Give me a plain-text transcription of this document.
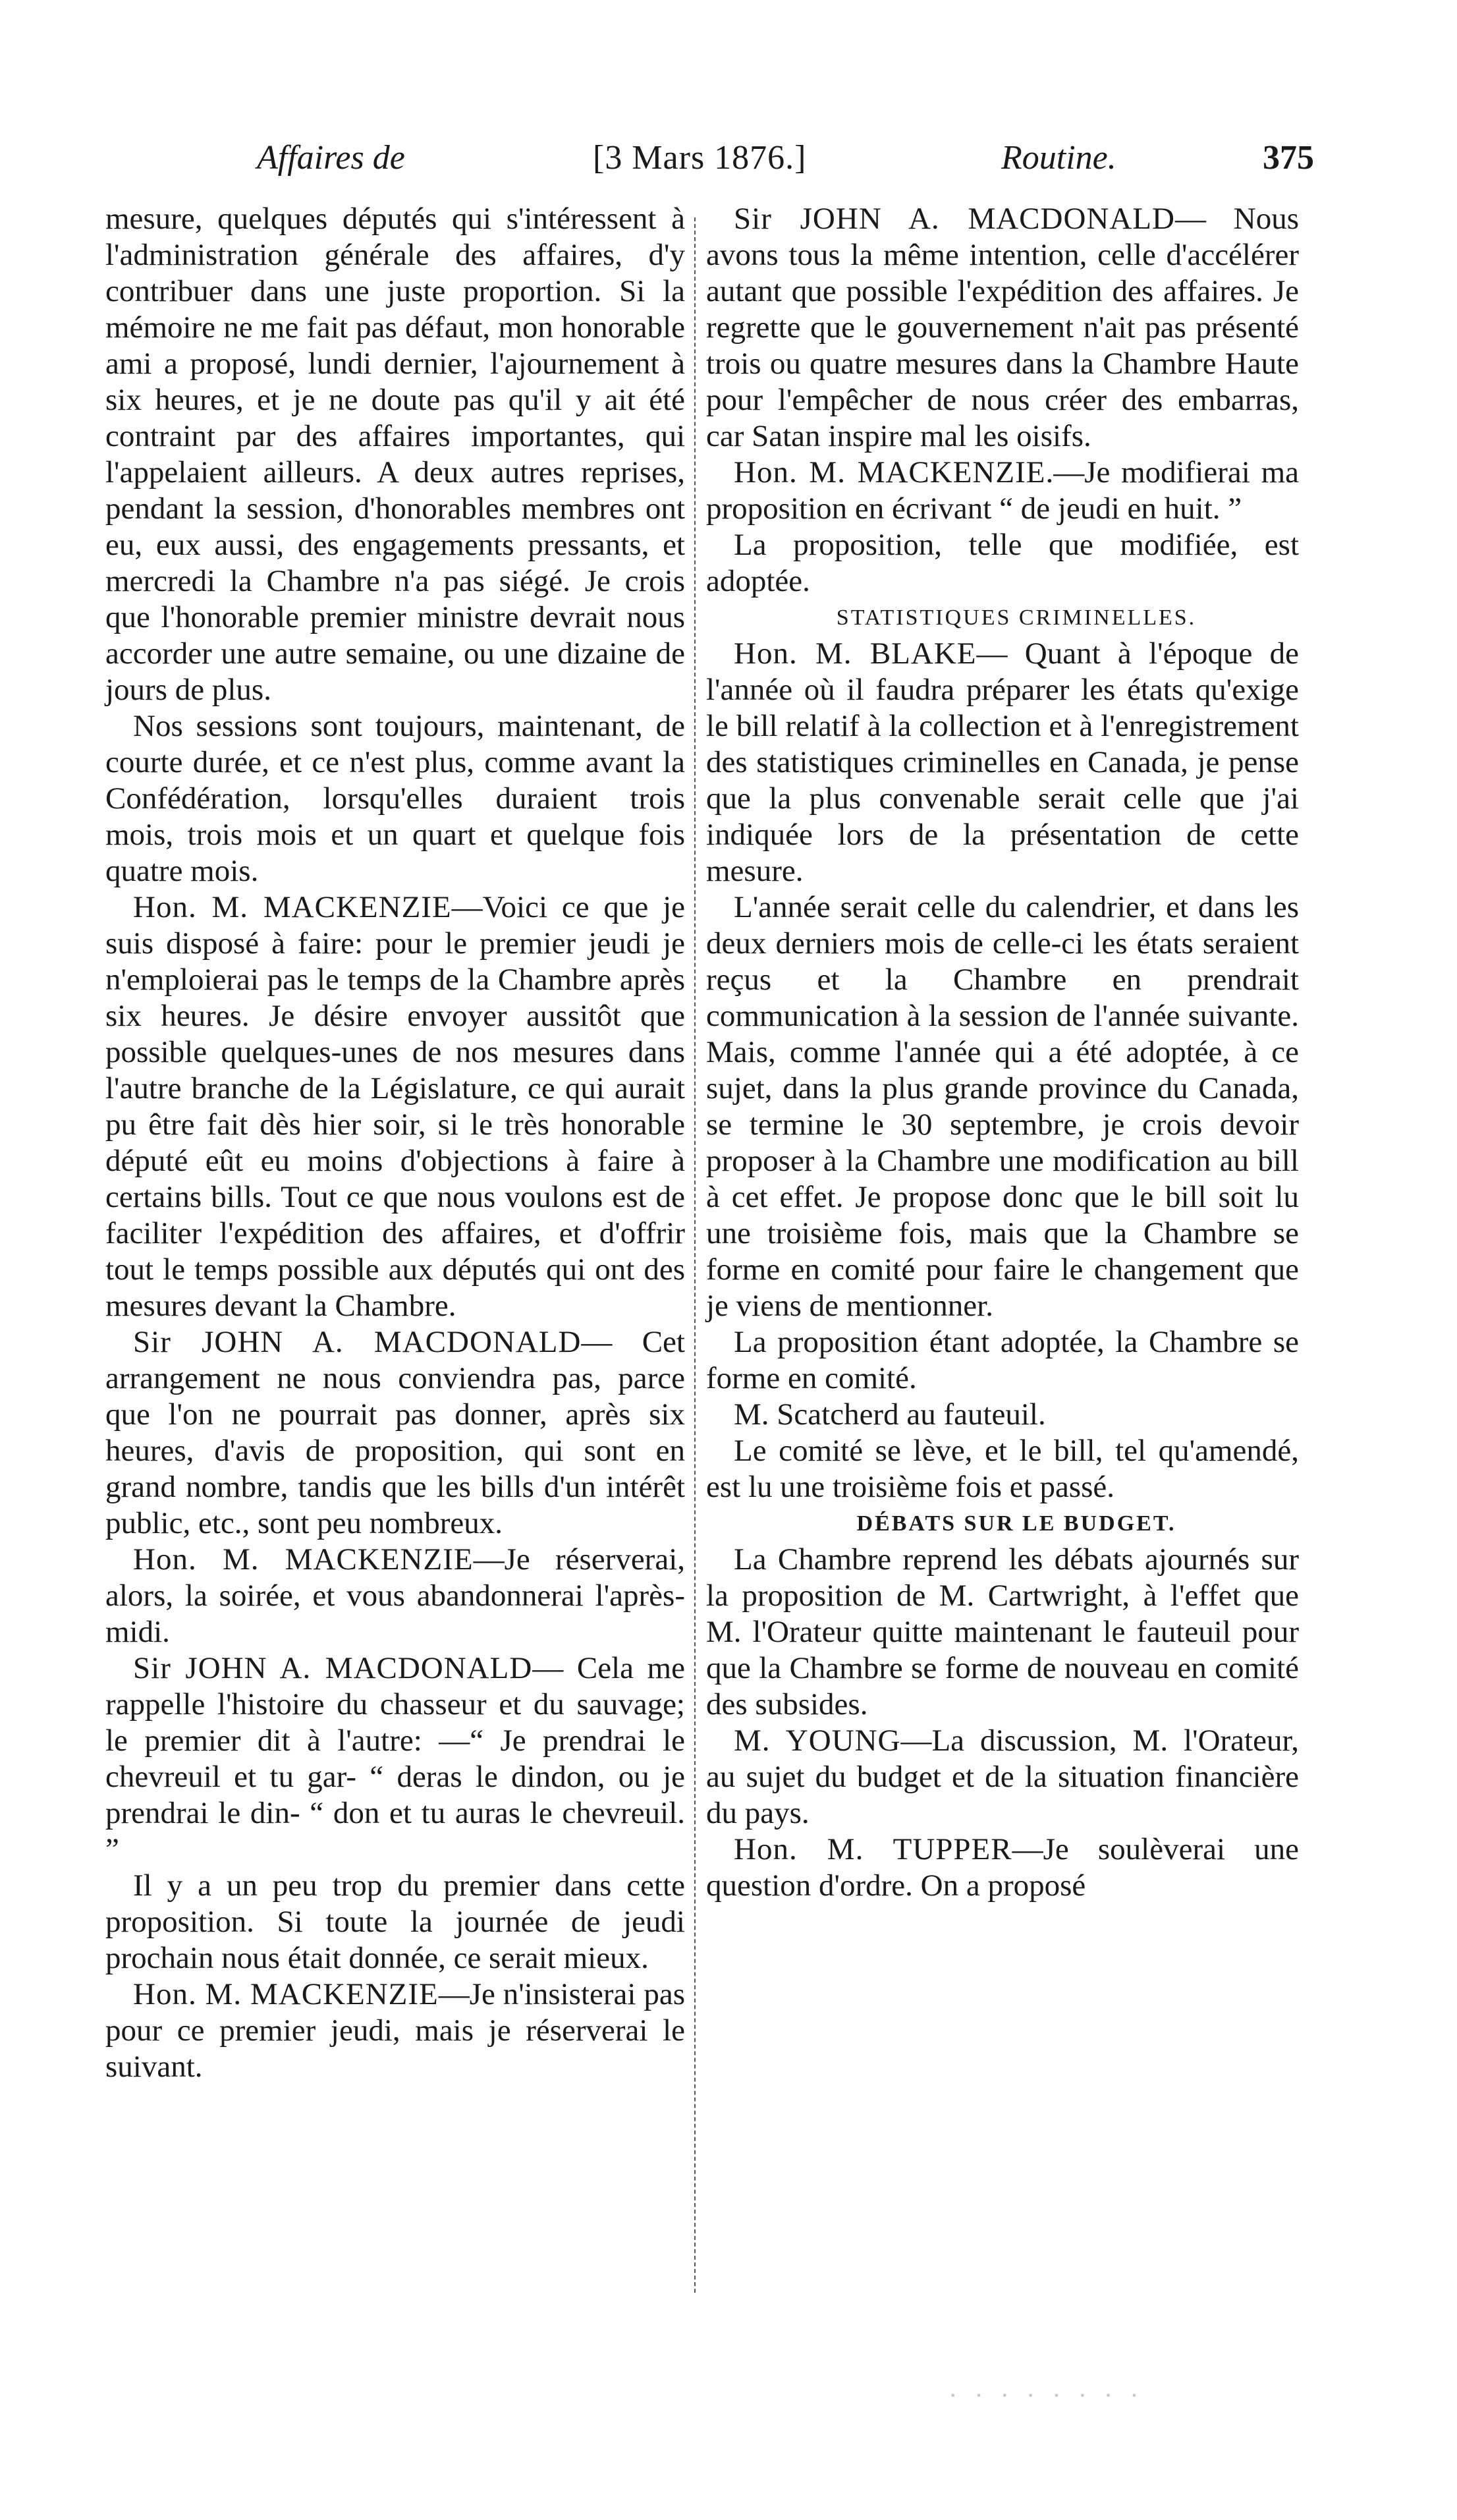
Affaires de	[3 Mars 1876.]	Routine.	375

mesure, quelques députés qui s'intéressent à l'administration générale des affaires, d'y contribuer dans une juste proportion. Si la mémoire ne me fait pas défaut, mon honorable ami a proposé, lundi dernier, l'ajournement à six heures, et je ne doute pas qu'il y ait été contraint par des affaires importantes, qui l'appelaient ailleurs. A deux autres reprises, pendant la session, d'honorables membres ont eu, eux aussi, des engagements pressants, et mercredi la Chambre n'a pas siégé. Je crois que l'honorable premier ministre devrait nous accorder une autre semaine, ou une dizaine de jours de plus.

Nos sessions sont toujours, maintenant, de courte durée, et ce n'est plus, comme avant la Confédération, lorsqu'elles duraient trois mois, trois mois et un quart et quelque fois quatre mois.

Hon. M. MACKENZIE—Voici ce que je suis disposé à faire: pour le premier jeudi je n'emploierai pas le temps de la Chambre après six heures. Je désire envoyer aussitôt que possible quelques-unes de nos mesures dans l'autre branche de la Législature, ce qui aurait pu être fait dès hier soir, si le très honorable député eût eu moins d'objections à faire à certains bills. Tout ce que nous voulons est de faciliter l'expédition des affaires, et d'offrir tout le temps possible aux députés qui ont des mesures devant la Chambre.

Sir JOHN A. MACDONALD— Cet arrangement ne nous conviendra pas, parce que l'on ne pourrait pas donner, après six heures, d'avis de proposition, qui sont en grand nombre, tandis que les bills d'un intérêt public, etc., sont peu nombreux.

Hon. M. MACKENZIE—Je réserverai, alors, la soirée, et vous abandonnerai l'après-midi.

Sir JOHN A. MACDONALD— Cela me rappelle l'histoire du chasseur et du sauvage; le premier dit à l'autre: —“ Je prendrai le chevreuil et tu gar- “ deras le dindon, ou je prendrai le din- “ don et tu auras le chevreuil. ”

Il y a un peu trop du premier dans cette proposition. Si toute la journée de jeudi prochain nous était donnée, ce serait mieux.

Hon. M. MACKENZIE—Je n'insisterai pas pour ce premier jeudi, mais je réserverai le suivant.

Sir JOHN A. MACDONALD— Nous avons tous la même intention, celle d'accélérer autant que possible l'expédition des affaires. Je regrette que le gouvernement n'ait pas présenté trois ou quatre mesures dans la Chambre Haute pour l'empêcher de nous créer des embarras, car Satan inspire mal les oisifs.

Hon. M. MACKENZIE.—Je modifierai ma proposition en écrivant “ de jeudi en huit. ”

La proposition, telle que modifiée, est adoptée.

STATISTIQUES CRIMINELLES.

Hon. M. BLAKE— Quant à l'époque de l'année où il faudra préparer les états qu'exige le bill relatif à la collection et à l'enregistrement des statistiques criminelles en Canada, je pense que la plus convenable serait celle que j'ai indiquée lors de la présentation de cette mesure.

L'année serait celle du calendrier, et dans les deux derniers mois de celle-ci les états seraient reçus et la Chambre en prendrait communication à la session de l'année suivante. Mais, comme l'année qui a été adoptée, à ce sujet, dans la plus grande province du Canada, se termine le 30 septembre, je crois devoir proposer à la Chambre une modification au bill à cet effet. Je propose donc que le bill soit lu une troisième fois, mais que la Chambre se forme en comité pour faire le changement que je viens de mentionner.

La proposition étant adoptée, la Chambre se forme en comité.

M. Scatcherd au fauteuil.

Le comité se lève, et le bill, tel qu'amendé, est lu une troisième fois et passé.

DÉBATS SUR LE BUDGET.

La Chambre reprend les débats ajournés sur la proposition de M. Cartwright, à l'effet que M. l'Orateur quitte maintenant le fauteuil pour que la Chambre se forme de nouveau en comité des subsides.

M. YOUNG—La discussion, M. l'Orateur, au sujet du budget et de la situation financière du pays.

Hon. M. TUPPER—Je soulèverai une question d'ordre. On a proposé

· · · · · · · ·
